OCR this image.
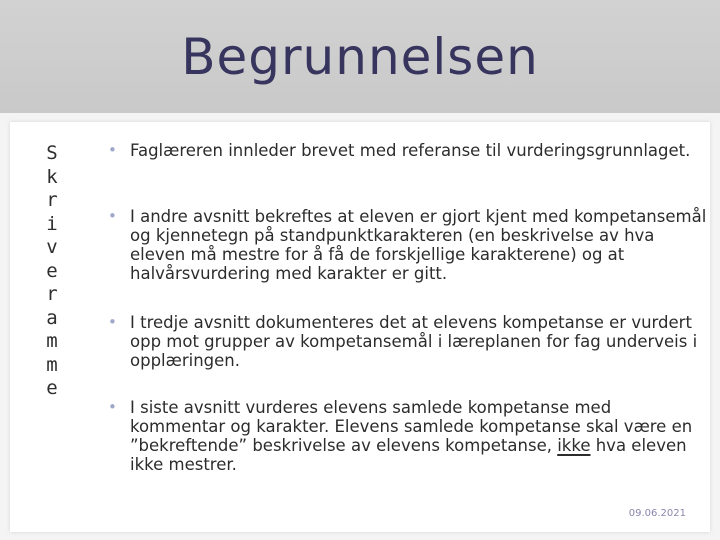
Begrunnelsen
S
k
r
i
v
e
r
a
m
m
e
• Faglæreren innleder brevet med referanse til vurderingsgrunnlaget.
• I andre avsnitt bekreftes at eleven er gjort kjent med kompetansemål og kjennetegn på standpunktkarakteren (en beskrivelse av hva eleven må mestre for å få de forskjellige karakterene) og at halvårsvurdering med karakter er gitt.
• I tredje avsnitt dokumenteres det at elevens kompetanse er vurdert opp mot grupper av kompetansemål i læreplanen for fag underveis i opplæringen.
• I siste avsnitt vurderes elevens samlede kompetanse med kommentar og karakter. Elevens samlede kompetanse skal være en ”bekreftende” beskrivelse av elevens kompetanse, ikke hva eleven ikke mestrer.
09.06.2021
